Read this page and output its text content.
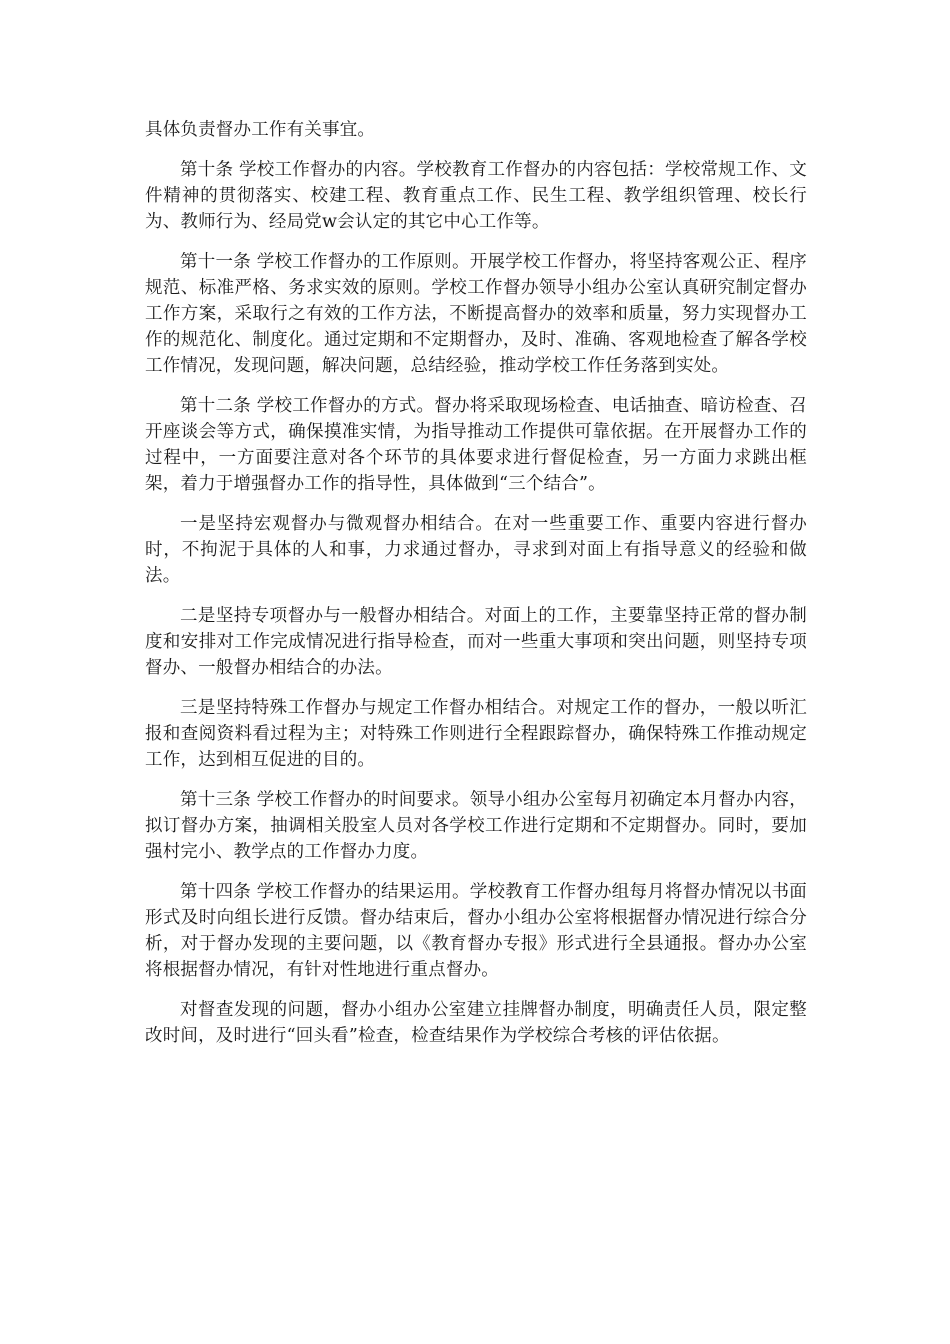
具体负责督办工作有关事宜。

第十条 学校工作督办的内容。学校教育工作督办的内容包括：学校常规工作、文件精神的贯彻落实、校建工程、教育重点工作、民生工程、教学组织管理、校长行为、教师行为、经局党w会认定的其它中心工作等。

第十一条 学校工作督办的工作原则。开展学校工作督办，将坚持客观公正、程序规范、标准严格、务求实效的原则。学校工作督办领导小组办公室认真研究制定督办工作方案，采取行之有效的工作方法，不断提高督办的效率和质量，努力实现督办工作的规范化、制度化。通过定期和不定期督办，及时、准确、客观地检查了解各学校工作情况，发现问题，解决问题，总结经验，推动学校工作任务落到实处。

第十二条 学校工作督办的方式。督办将采取现场检查、电话抽查、暗访检查、召开座谈会等方式，确保摸准实情，为指导推动工作提供可靠依据。在开展督办工作的过程中，一方面要注意对各个环节的具体要求进行督促检查，另一方面力求跳出框架，着力于增强督办工作的指导性，具体做到“三个结合”。

一是坚持宏观督办与微观督办相结合。在对一些重要工作、重要内容进行督办时，不拘泥于具体的人和事，力求通过督办，寻求到对面上有指导意义的经验和做法。

二是坚持专项督办与一般督办相结合。对面上的工作，主要靠坚持正常的督办制度和安排对工作完成情况进行指导检查，而对一些重大事项和突出问题，则坚持专项督办、一般督办相结合的办法。

三是坚持特殊工作督办与规定工作督办相结合。对规定工作的督办，一般以听汇报和查阅资料看过程为主；对特殊工作则进行全程跟踪督办，确保特殊工作推动规定工作，达到相互促进的目的。

第十三条 学校工作督办的时间要求。领导小组办公室每月初确定本月督办内容，拟订督办方案，抽调相关股室人员对各学校工作进行定期和不定期督办。同时，要加强村完小、教学点的工作督办力度。

第十四条 学校工作督办的结果运用。学校教育工作督办组每月将督办情况以书面形式及时向组长进行反馈。督办结束后，督办小组办公室将根据督办情况进行综合分析，对于督办发现的主要问题，以《教育督办专报》形式进行全县通报。督办办公室将根据督办情况，有针对性地进行重点督办。

对督查发现的问题，督办小组办公室建立挂牌督办制度，明确责任人员，限定整改时间，及时进行“回头看”检查，检查结果作为学校综合考核的评估依据。
